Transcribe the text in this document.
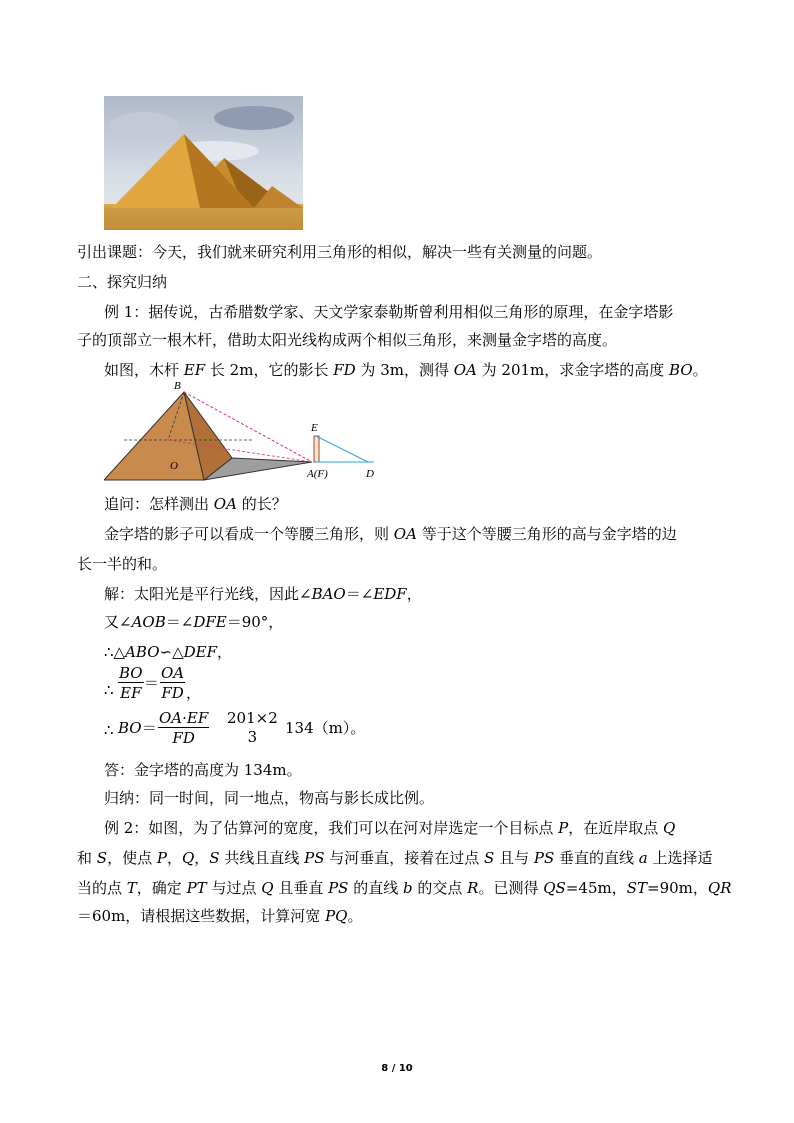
引出课题：今天，我们就来研究利用三角形的相似，解决一些有关测量的问题。
二、探究归纳
例 1：据传说，古希腊数学家、天文学家泰勒斯曾利用相似三角形的原理，在金字塔影
子的顶部立一根木杆，借助太阳光线构成两个相似三角形，来测量金字塔的高度。
如图，木杆 EF 长 2m，它的影长 FD 为 3m，测得 OA 为 201m，求金字塔的高度 BO。
B
O
E
A(F)	D
追问：怎样测出 OA 的长？
金字塔的影子可以看成一个等腰三角形，则 OA 等于这个等腰三角形的高与金字塔的边
长一半的和。
解：太阳光是平行光线，因此∠BAO＝∠EDF，
又∠AOB＝∠DFE＝90°，
∴△ABO∽△DEF，
∴ $\frac{BO}{EF} = \frac{OA}{FD}$ ，
∴ BO ＝ $\frac{OA\cdot EF}{FD} 201\times 2$
3	134（m）。
答：金字塔的高度为 134m。
归纳：同一时间，同一地点，物高与影长成比例。
例 2：如图，为了估算河的宽度，我们可以在河对岸选定一个目标点 P，在近岸取点 Q
和 S，使点 P，Q，S 共线且直线 PS 与河垂直，接着在过点 S 且与 PS 垂直的直线 a 上选择适
当的点 T，确定 PT 与过点 Q 且垂直 PS 的直线 b 的交点 R。已测得 QS=45m，ST=90m，QR
＝60m，请根据这些数据，计算河宽 PQ。
8 / 10
